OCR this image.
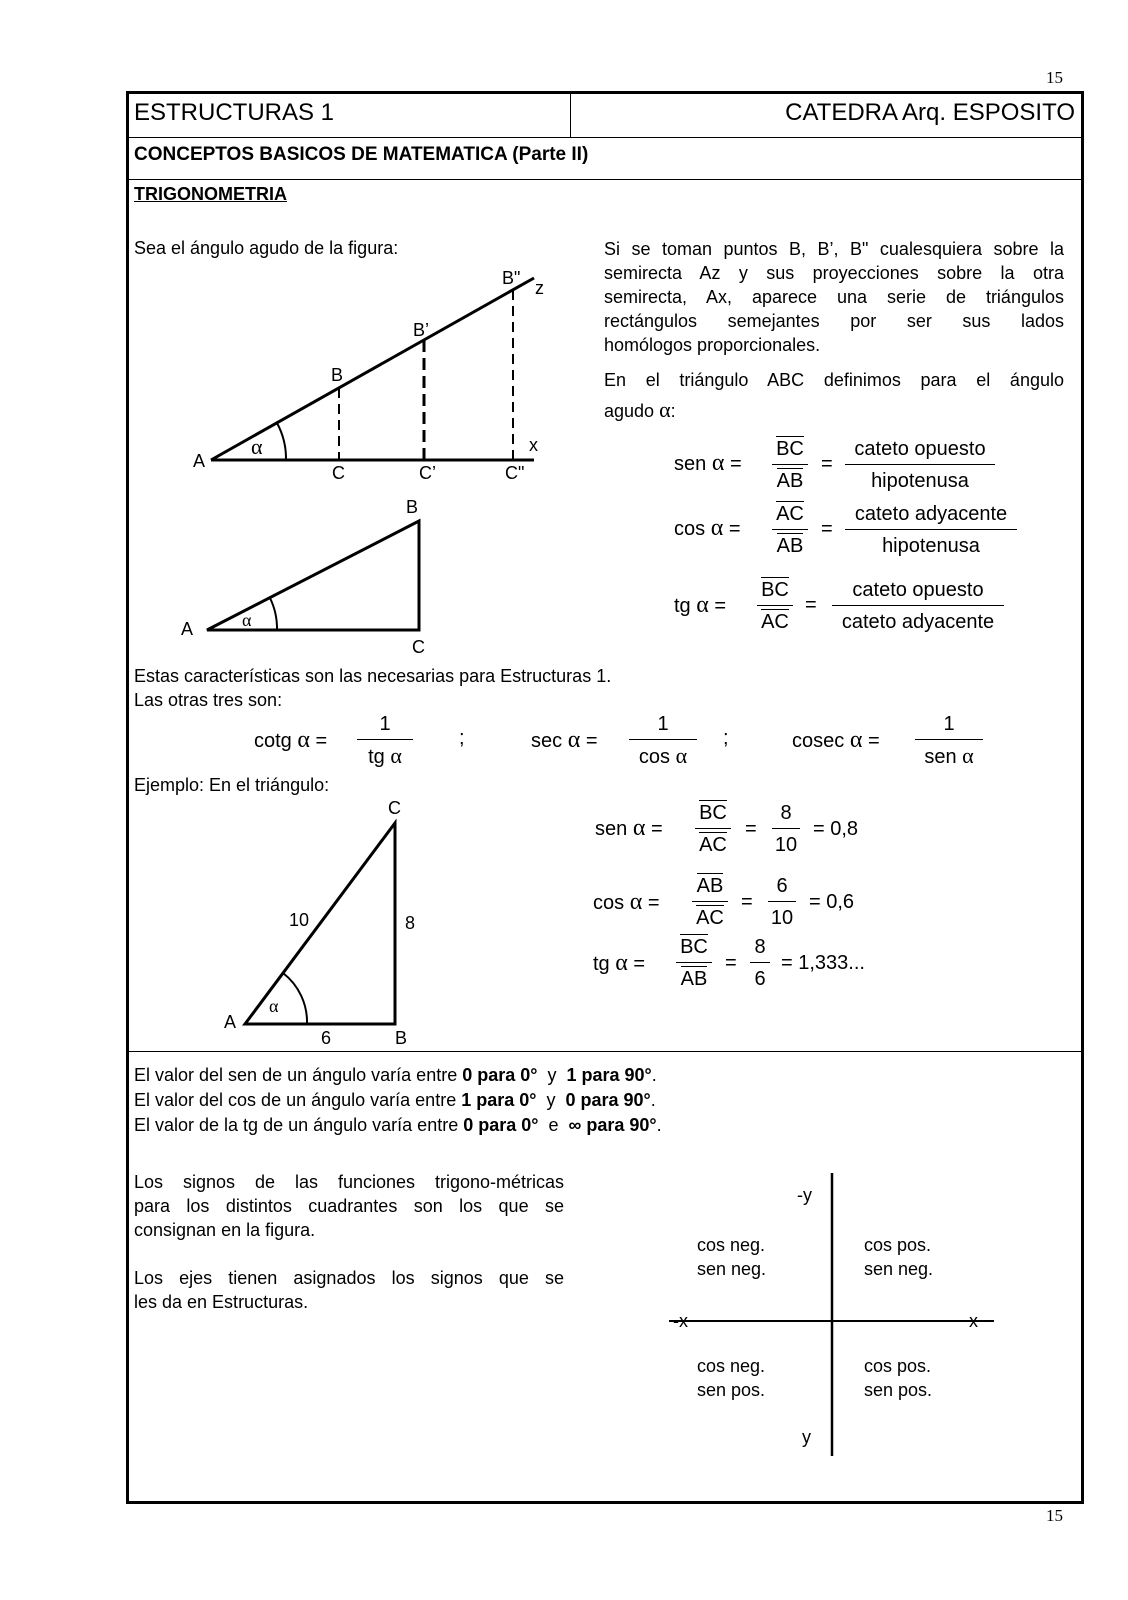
15
15
ESTRUCTURAS 1	CATEDRA Arq. ESPOSITO
CONCEPTOS BASICOS DE MATEMATICA (Parte II)
TRIGONOMETRIA
Sea el ángulo agudo de la figura:	Si se toman puntos B, B’, B" cualesquiera sobre la
semirecta Az y sus proyecciones sobre la otra
semirecta, Ax, aparece una serie de triángulos
rectángulos semejantes por ser sus lados
homólogos proporcionales.
En el triángulo ABC definimos para el ángulo
agudo α:
A
B
B’
B" z
C	C’	C"
x
α
A
B
C
α
sen α =
BC
AB
=
cateto opuesto
hipotenusa
cos α =
AC
AB
=
cateto adyacente
hipotenusa
tg α =
BC
AC
=
cateto opuesto
cateto adyacente
Estas características son las necesarias para Estructuras 1.
Las otras tres son:
cotg α =
1
tg α
;	sec α =
1
cos α
;	cosec α =
1
sen α
Ejemplo: En el triángulo:
A
B
C
10	8
6
α
sen α =
BC
AC
=
8
10
= 0,8
cos α =
AB
AC
=
6
10
= 0,6
tg α =
BC
AB
=
8
6
= 1,333...
El valor del sen de un ángulo varía entre 0 para 0°  y  1 para 90°.
El valor del cos de un ángulo varía entre 1 para 0°  y  0 para 90°.
El valor de la tg de un ángulo varía entre 0 para 0°  e  ∞ para 90°.
Los signos de las funciones trigono-métricas
para los distintos cuadrantes son los que se
consignan en la figura.
Los ejes tienen asignados los signos que se
les da en Estructuras.
-y
y
-x	x
cos neg.
sen neg.
cos pos.
sen neg.
cos neg.
sen pos.
cos pos.
sen pos.
